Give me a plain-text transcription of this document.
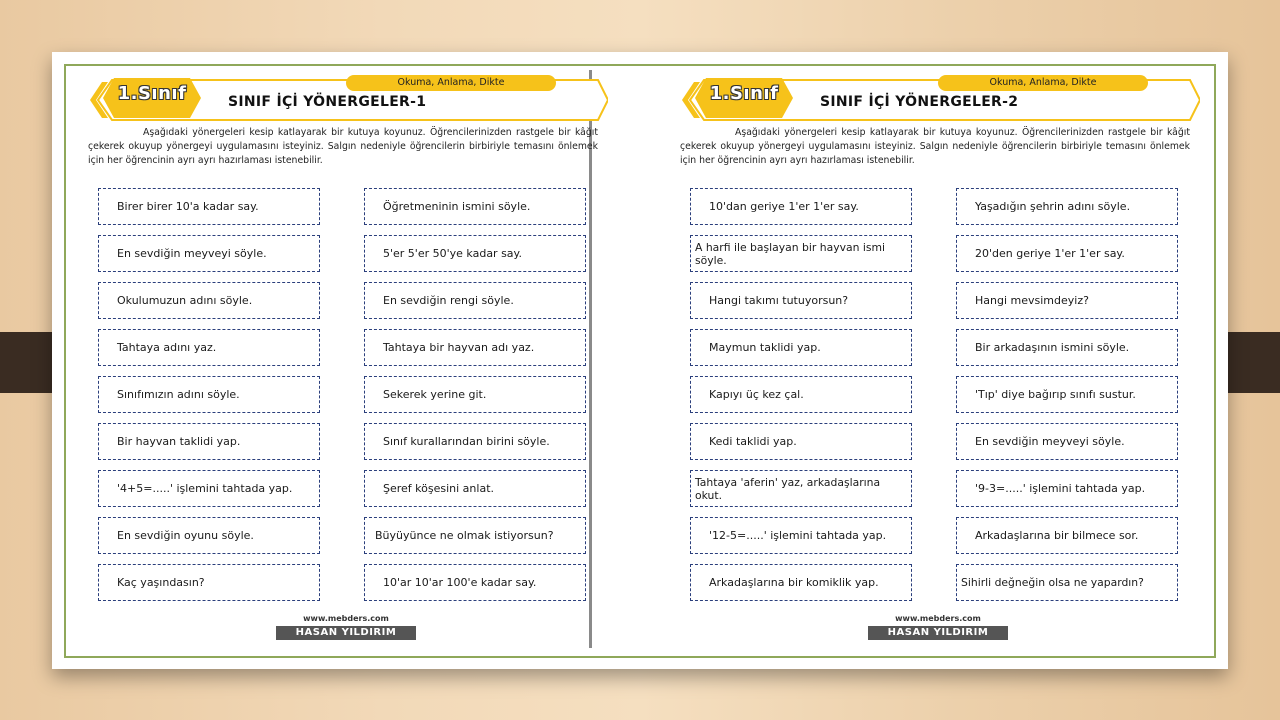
Okuma, Anlama, Dikte
1.Sınıf	SINIF İÇİ YÖNERGELER-1

Aşağıdaki yönergeleri kesip katlayarak bir kutuya koyunuz. Öğrencilerinizden rastgele bir kâğıt çekerek okuyup yönergeyi uygulamasını isteyiniz. Salgın nedeniyle öğrencilerin birbiriyle temasını önlemek için her öğrencinin ayrı ayrı hazırlaması istenebilir.

Birer birer 10'a kadar say.
En sevdiğin meyveyi söyle.
Okulumuzun adını söyle.
Tahtaya adını yaz.
Sınıfımızın adını söyle.
Bir hayvan taklidi yap.
'4+5=.....' işlemini tahtada yap.
En sevdiğin oyunu söyle.
Kaç yaşındasın?
Öğretmeninin ismini söyle.
5'er 5'er 50'ye kadar say.
En sevdiğin rengi söyle.
Tahtaya bir hayvan adı yaz.
Sekerek yerine git.
Sınıf kurallarından birini söyle.
Şeref köşesini anlat.
Büyüyünce ne olmak istiyorsun?
10'ar 10'ar 100'e kadar say.
www.mebders.com
HASAN YILDIRIM
Okuma, Anlama, Dikte
1.Sınıf	SINIF İÇİ YÖNERGELER-2

Aşağıdaki yönergeleri kesip katlayarak bir kutuya koyunuz. Öğrencilerinizden rastgele bir kâğıt çekerek okuyup yönergeyi uygulamasını isteyiniz. Salgın nedeniyle öğrencilerin birbiriyle temasını önlemek için her öğrencinin ayrı ayrı hazırlaması istenebilir.

10'dan geriye 1'er 1'er say.
A harfi ile başlayan bir hayvan ismi söyle.
Hangi takımı tutuyorsun?
Maymun taklidi yap.
Kapıyı üç kez çal.
Kedi taklidi yap.
Tahtaya 'aferin' yaz, arkadaşlarına okut.
'12-5=.....' işlemini tahtada yap.
Arkadaşlarına bir komiklik yap.
Yaşadığın şehrin adını söyle.
20'den geriye 1'er 1'er say.
Hangi mevsimdeyiz?
Bir arkadaşının ismini söyle.
'Tıp' diye bağırıp sınıfı sustur.
En sevdiğin meyveyi söyle.
'9-3=.....' işlemini tahtada yap.
Arkadaşlarına bir bilmece sor.
Sihirli değneğin olsa ne yapardın?
www.mebders.com
HASAN YILDIRIM
